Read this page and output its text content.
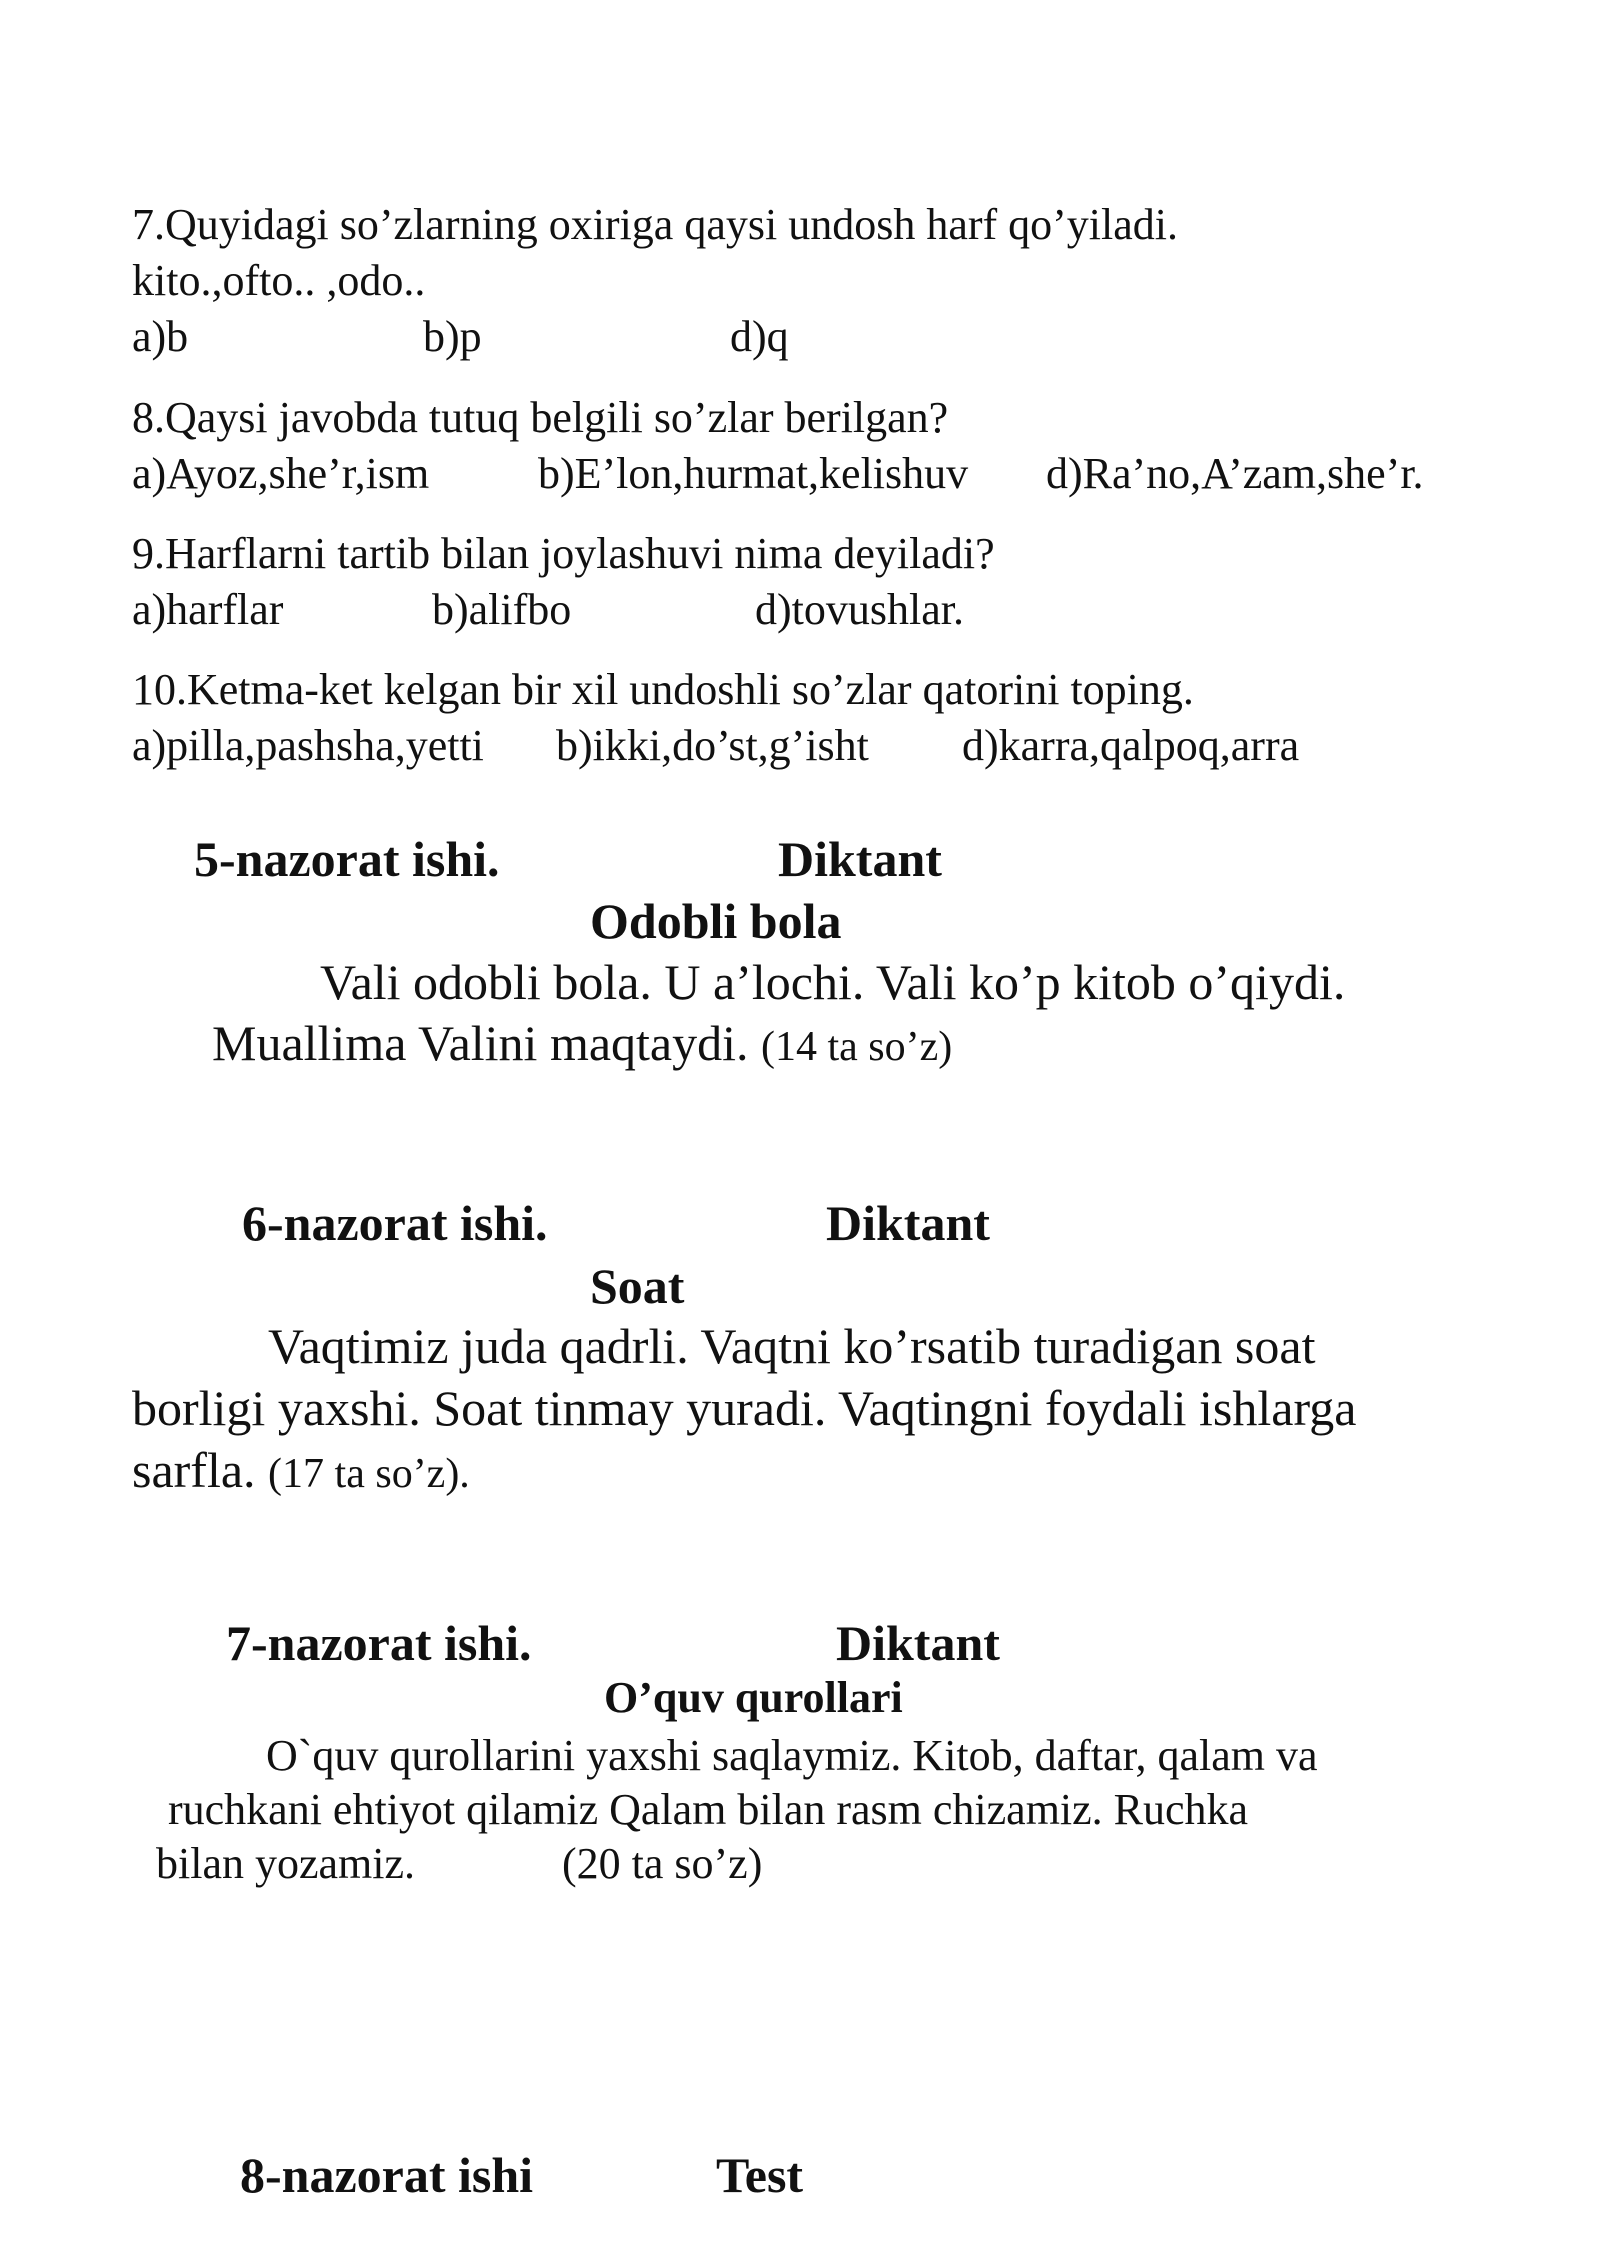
7.Quyidagi so’zlarning oxiriga qaysi undosh harf qo’yiladi.
kito.,ofto.. ,odo..
a)b	b)p	d)q
8.Qaysi javobda tutuq belgili so’zlar berilgan?
a)Ayoz,she’r,ism b)E’lon,hurmat,kelishuv d)Ra’no,A’zam,she’r.
9.Harflarni tartib bilan joylashuvi nima deyiladi?
a)harflar	b)alifbo	d)tovushlar.
10.Ketma-ket kelgan bir xil undoshli so’zlar qatorini toping.
a)pilla,pashsha,yetti b)ikki,do’st,g’isht d)karra,qalpoq,arra
5-nazorat ishi.	Diktant
Odobli bola
Vali odobli bola. U a’lochi. Vali ko’p kitob o’qiydi.
Muallima Valini maqtaydi. (14 ta so’z)
6-nazorat ishi.	Diktant
Soat
Vaqtimiz juda qadrli. Vaqtni ko’rsatib turadigan soat
borligi yaxshi. Soat tinmay yuradi. Vaqtingni foydali ishlarga
sarfla. (17 ta so’z).
7-nazorat ishi.	Diktant
O’quv qurollari
O`quv qurollarini yaxshi saqlaymiz. Kitob, daftar, qalam va
ruchkani ehtiyot qilamiz Qalam bilan rasm chizamiz. Ruchka
bilan yozamiz.	(20 ta so’z)
8-nazorat ishi	Test
